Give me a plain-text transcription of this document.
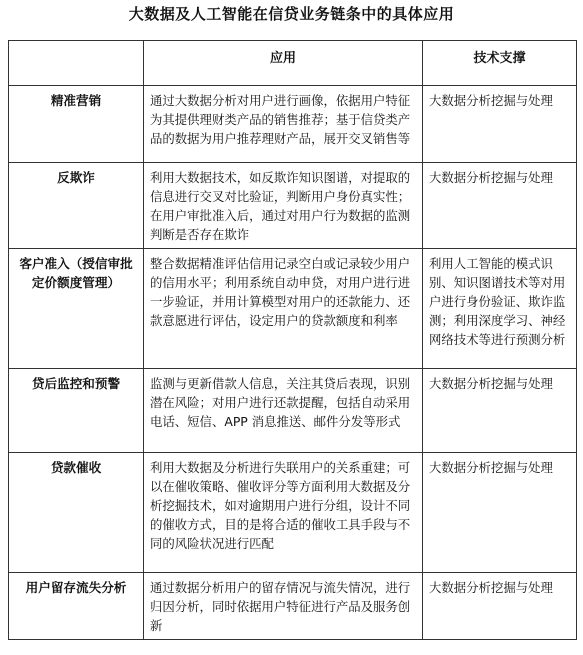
大数据及人工智能在信贷业务链条中的具体应用
	应用	技术支撑
精准营销	通过大数据分析对用户进行画像，依据用户特征为其提供理财类产品的销售推荐；基于信贷类产品的数据为用户推荐理财产品，展开交叉销售等	大数据分析挖掘与处理
反欺诈	利用大数据技术，如反欺诈知识图谱，对提取的信息进行交叉对比验证，判断用户身份真实性；在用户审批准入后，通过对用户行为数据的监测判断是否存在欺诈	大数据分析挖掘与处理
客户准入（授信审批定价额度管理）	整合数据精准评估信用记录空白或记录较少用户的信用水平；利用系统自动申贷，对用户进行进一步验证，并用计算模型对用户的还款能力、还款意愿进行评估，设定用户的贷款额度和利率	利用人工智能的模式识别、知识图谱技术等对用户进行身份验证、欺诈监测；利用深度学习、神经网络技术等进行预测分析
贷后监控和预警	监测与更新借款人信息，关注其贷后表现，识别潜在风险；对用户进行还款提醒，包括自动采用电话、短信、APP 消息推送、邮件分发等形式	大数据分析挖掘与处理
贷款催收	利用大数据及分析进行失联用户的关系重建；可以在催收策略、催收评分等方面利用大数据及分析挖掘技术，如对逾期用户进行分组，设计不同的催收方式，目的是将合适的催收工具手段与不同的风险状况进行匹配	大数据分析挖掘与处理
用户留存流失分析	通过数据分析用户的留存情况与流失情况，进行归因分析，同时依据用户特征进行产品及服务创新	大数据分析挖掘与处理
